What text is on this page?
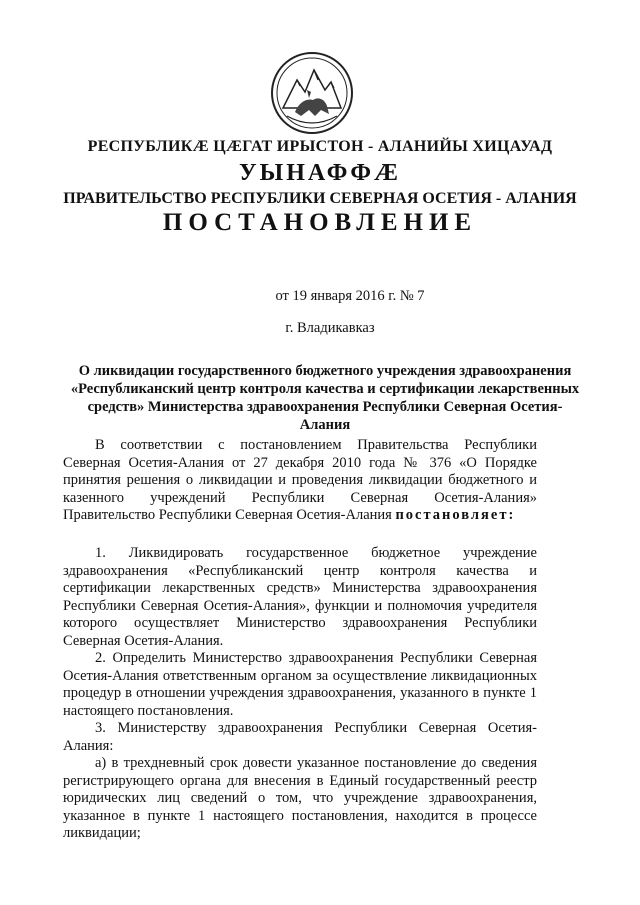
РЕСПУБЛИКӔ ЦӔГАТ ИРЫСТОН - АЛАНИЙЫ ХИЦАУАД
УЫНАФФӔ
ПРАВИТЕЛЬСТВО РЕСПУБЛИКИ СЕВЕРНАЯ ОСЕТИЯ - АЛАНИЯ
ПОСТАНОВЛЕНИЕ
от 19 января 2016 г. № 7
г. Владикавказ
О ликвидации государственного бюджетного учреждения здравоохранения «Республиканский центр контроля качества и сертификации лекарственных средств» Министерства здравоохранения Республики Северная Осетия-Алания

В соответствии с постановлением Правительства Республики Северная Осетия-Алания от 27 декабря 2010 года № 376 «О Порядке принятия решения о ликвидации и проведения ликвидации бюджетного и казенного учреждений Республики Северная Осетия-Алания» Правительство Республики Северная Осетия-Алания постановляет:

1. Ликвидировать государственное бюджетное учреждение здравоохранения «Республиканский центр контроля качества и сертификации лекарственных средств» Министерства здравоохранения Республики Северная Осетия-Алания», функции и полномочия учредителя которого осуществляет Министерство здравоохранения Республики Северная Осетия-Алания.

2. Определить Министерство здравоохранения Республики Северная Осетия-Алания ответственным органом за осуществление ликвидационных процедур в отношении учреждения здравоохранения, указанного в пункте 1 настоящего постановления.

3. Министерству здравоохранения Республики Северная Осетия-Алания:

а) в трехдневный срок довести указанное постановление до сведения регистрирующего органа для внесения в Единый государственный реестр юридических лиц сведений о том, что учреждение здравоохранения, указанное в пункте 1 настоящего постановления, находится в процессе ликвидации;
